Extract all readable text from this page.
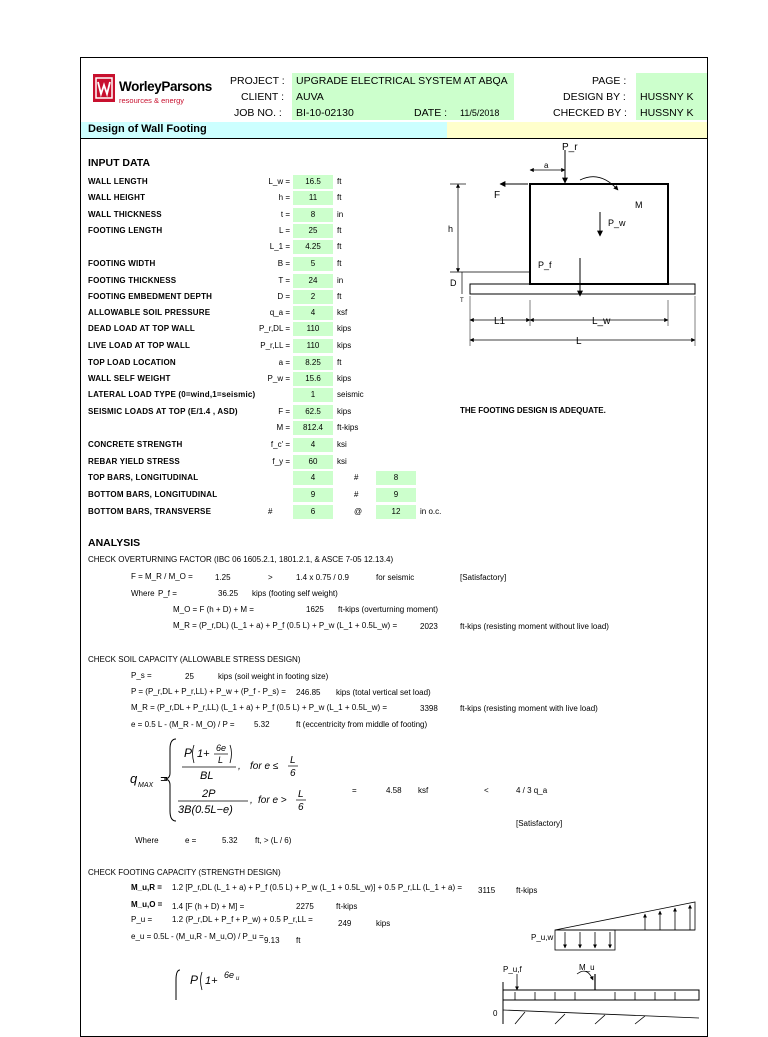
WorleyParsons
resources & energy
PROJECT : UPGRADE ELECTRICAL SYSTEM AT ABQA
CLIENT : AUVA
JOB NO. : BI-10-02130	DATE : 11/5/2018
PAGE :
DESIGN BY : HUSSNY K
CHECKED BY : HUSSNY K
Design of Wall Footing
INPUT DATA
WALL LENGTH	L_w =	16.5	ft
WALL HEIGHT	h =	11	ft
WALL THICKNESS	t =	8	in
FOOTING LENGTH	L =	25	ft
L_1 =	4.25	ft
FOOTING WIDTH	B =	5	ft
FOOTING THICKNESS	T =	24	in
FOOTING EMBEDMENT DEPTH	D =	2	ft
ALLOWABLE SOIL PRESSURE	q_a =	4	ksf
DEAD LOAD AT TOP WALL	P_r,DL =	110	kips
LIVE LOAD AT TOP WALL	P_r,LL =	110	kips
TOP LOAD LOCATION	a =	8.25	ft
WALL SELF WEIGHT	P_w =	15.6	kips
LATERAL LOAD TYPE (0=wind,1=seismic)	1	seismic
SEISMIC LOADS AT TOP (E/1.4 , ASD)	F =	62.5	kips
M =	812.4	ft-kips
CONCRETE STRENGTH	f_c' =	4	ksi
REBAR YIELD STRESS	f_y =	60	ksi
TOP BARS, LONGITUDINAL	4	#	8
BOTTOM BARS, LONGITUDINAL	9	#	9
BOTTOM BARS, TRANSVERSE	#	6	@	12	in o.c.
THE FOOTING DESIGN IS ADEQUATE.
P_r
a
F
M
P_w
h
P_f
D
T
L1	L_w
L
ANALYSIS
CHECK OVERTURNING FACTOR (IBC 06 1605.2.1, 1801.2.1, & ASCE 7-05 12.13.4)
F = M_R / M_O =	1.25	>	1.4 x 0.75 / 0.9	for seismic	[Satisfactory]
Where P_f =	36.25 kips (footing self weight)
M_O = F (h + D) + M =	1625 ft-kips (overturning moment)
M_R = (P_r,DL) (L_1 + a) + P_f (0.5 L) + P_w (L_1 + 0.5L_w) =	2023	ft-kips (resisting moment without live load)
CHECK SOIL CAPACITY (ALLOWABLE STRESS DESIGN)
P_s =	25	kips (soil weight in footing size)
P = (P_r,DL + P_r,LL) + P_w + (P_f - P_s) = 246.85 kips (total vertical set load)
M_R = (P_r,DL + P_r,LL) (L_1 + a) + P_f (0.5 L) + P_w (L_1 + 0.5L_w) =	3398	ft-kips (resisting moment with live load)
e = 0.5 L - (M_R - M_O) / P = 5.32	ft (eccentricity from middle of footing)
q MAX =
P 1+ 6e
L
BL
, for e ≤
L
6
2P
3B(0.5L−e)
, for e >
L
6
=	4.58 ksf	<	4 / 3 q_a
[Satisfactory]
Where	e =	5.32 ft, > (L / 6)
CHECK FOOTING CAPACITY (STRENGTH DESIGN)
M_u,R = 1.2 [P_r,DL (L_1 + a) + P_f (0.5 L) + P_w (L_1 + 0.5L_w)] + 0.5 P_r,LL (L_1 + a) = 3115	ft-kips
M_u,O = 1.4 [F (h + D) + M] =	2275	ft-kips
P_u = 1.2 (P_r,DL + P_f + P_w) + 0.5 P_r,LL =	249	kips
e_u = 0.5L - (M_u,R - M_u,O) / P_u = 9.13 ft
P 1+ 6e u
P_u,w
P_u,f	M_u
0
